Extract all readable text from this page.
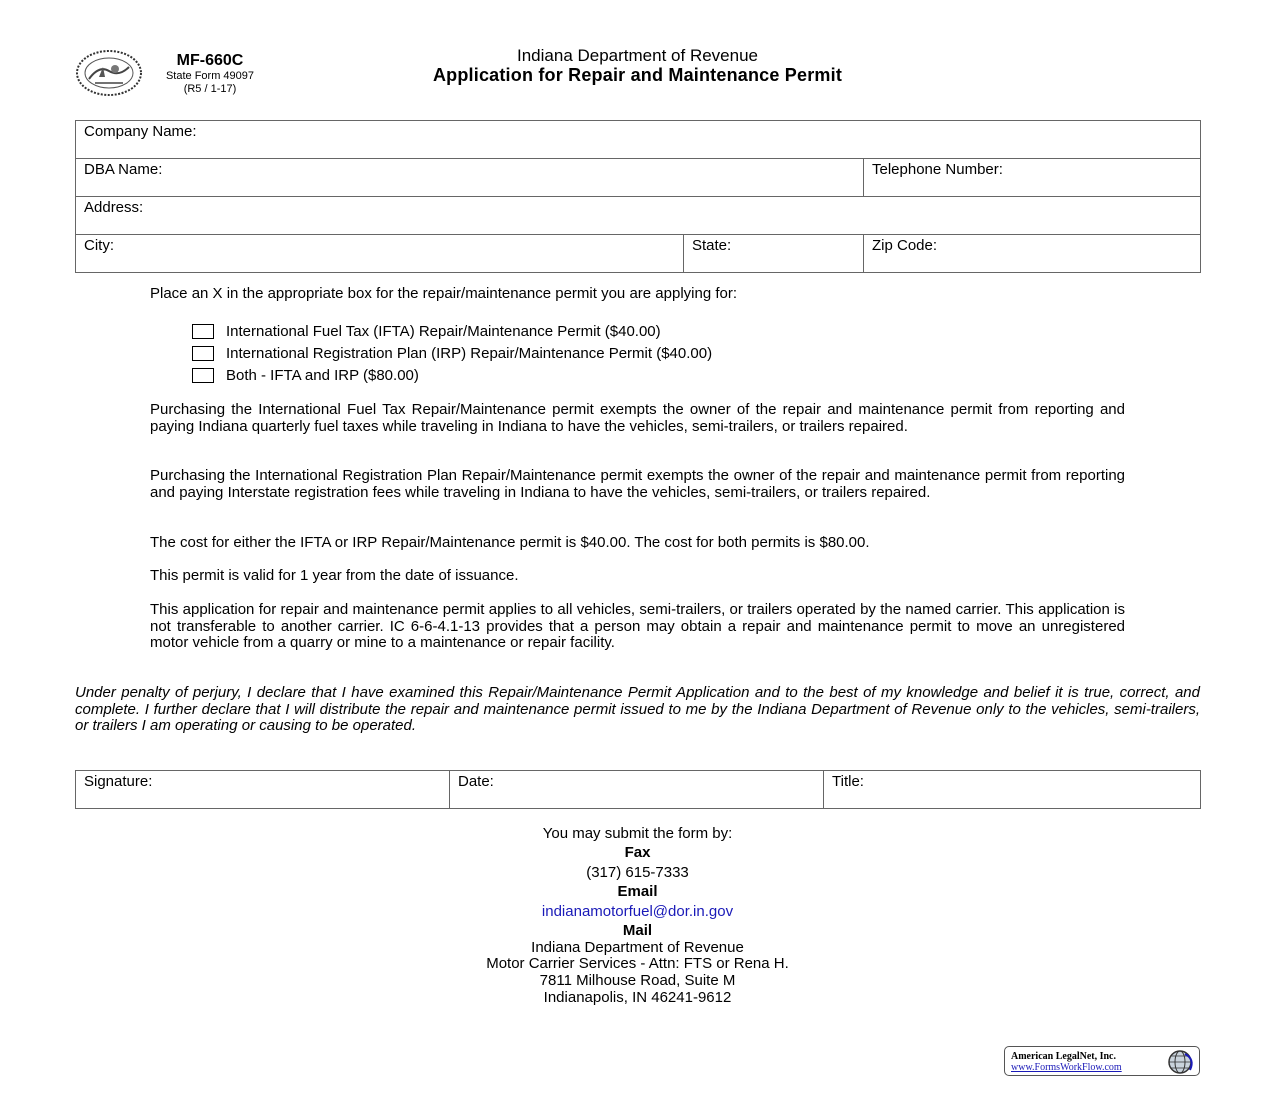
MF-660C
State Form 49097
(R5 / 1-17)
Indiana Department of Revenue
Application for Repair and Maintenance Permit
Company Name:		
DBA Name:		Telephone Number:
Address:		
City:	State:	Zip Code:
Place an X in the appropriate box for the repair/maintenance permit you are applying for:
International Fuel Tax (IFTA) Repair/Maintenance Permit ($40.00)
International Registration Plan (IRP) Repair/Maintenance Permit ($40.00)
Both - IFTA and IRP ($80.00)

Purchasing the International Fuel Tax Repair/Maintenance permit exempts the owner of the repair and maintenance permit from reporting and paying Indiana quarterly fuel taxes while traveling in Indiana to have the vehicles, semi-trailers, or trailers repaired.

Purchasing the International Registration Plan Repair/Maintenance permit exempts the owner of the repair and maintenance permit from reporting and paying Interstate registration fees while traveling in Indiana to have the vehicles, semi-trailers, or trailers repaired.

The cost for either the IFTA or IRP Repair/Maintenance permit is $40.00. The cost for both permits is $80.00.

This permit is valid for 1 year from the date of issuance.

This application for repair and maintenance permit applies to all vehicles, semi-trailers, or trailers operated by the named carrier. This application is not transferable to another carrier. IC 6-6-4.1-13 provides that a person may obtain a repair and maintenance permit to move an unregistered motor vehicle from a quarry or mine to a maintenance or repair facility.

Under penalty of perjury, I declare that I have examined this Repair/Maintenance Permit Application and to the best of my knowledge and belief it is true, correct, and complete. I further declare that I will distribute the repair and maintenance permit issued to me by the Indiana Department of Revenue only to the vehicles, semi-trailers, or trailers I am operating or causing to be operated.

Signature:	Date:	Title:
You may submit the form by:
Fax
(317) 615-7333
Email
indianamotorfuel@dor.in.gov
Mail
Indiana Department of Revenue
Motor Carrier Services - Attn: FTS or Rena H.
7811 Milhouse Road, Suite M
Indianapolis, IN 46241-9612
American LegalNet, Inc.
www.FormsWorkFlow.com
